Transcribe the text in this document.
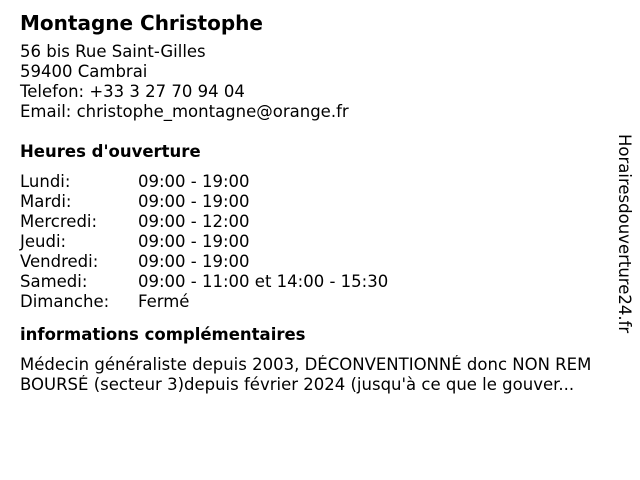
Montagne Christophe
56 bis Rue Saint-Gilles
59400 Cambrai
Telefon: +33 3 27 70 94 04
Email: christophe_montagne@orange.fr
Heures d'ouverture
Lundi:	09:00 - 19:00
Mardi:	09:00 - 19:00
Mercredi:	09:00 - 12:00
Jeudi:	09:00 - 19:00
Vendredi:	09:00 - 19:00
Samedi:	09:00 - 11:00 et 14:00 - 15:30
Dimanche:	Fermé
informations complémentaires
Médecin généraliste depuis 2003, DÉCONVENTIONNÉ donc NON REM
BOURSÉ (secteur 3)depuis février 2024 (jusqu'à ce que le gouver...
Horairesdouverture24.fr
